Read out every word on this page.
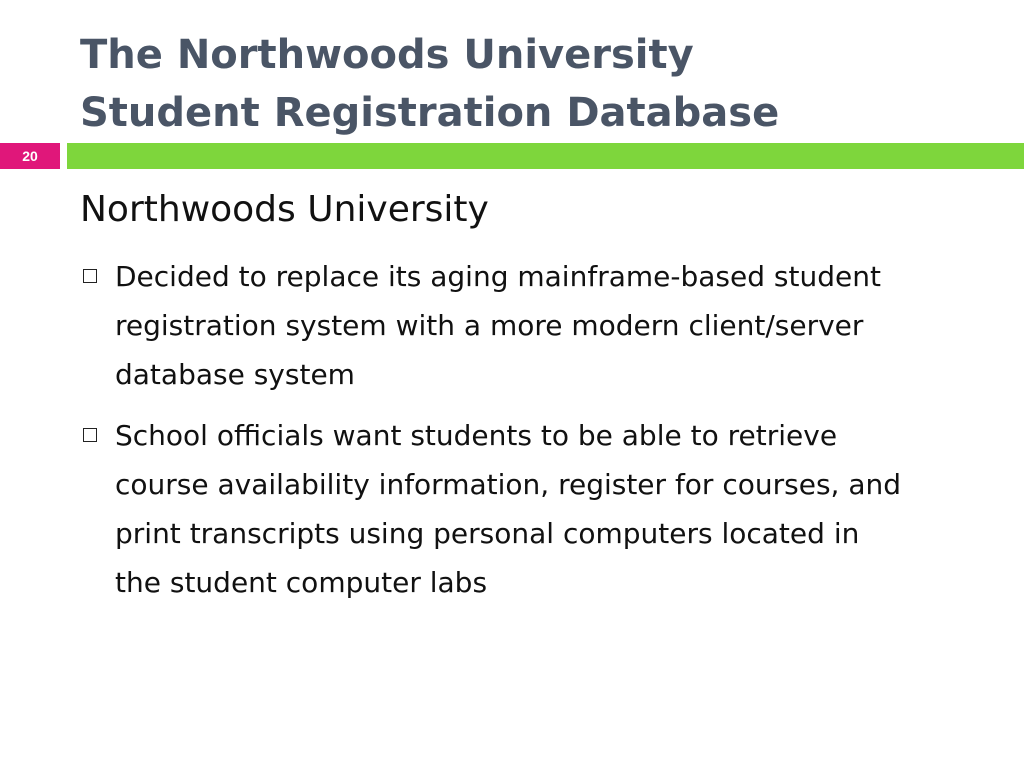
The Northwoods University
Student Registration Database
20
Northwoods University
Decided to replace its aging mainframe-based student registration system with a more modern client/server database system
School officials want students to be able to retrieve course availability information, register for courses, and print transcripts using personal computers located in the student computer labs
